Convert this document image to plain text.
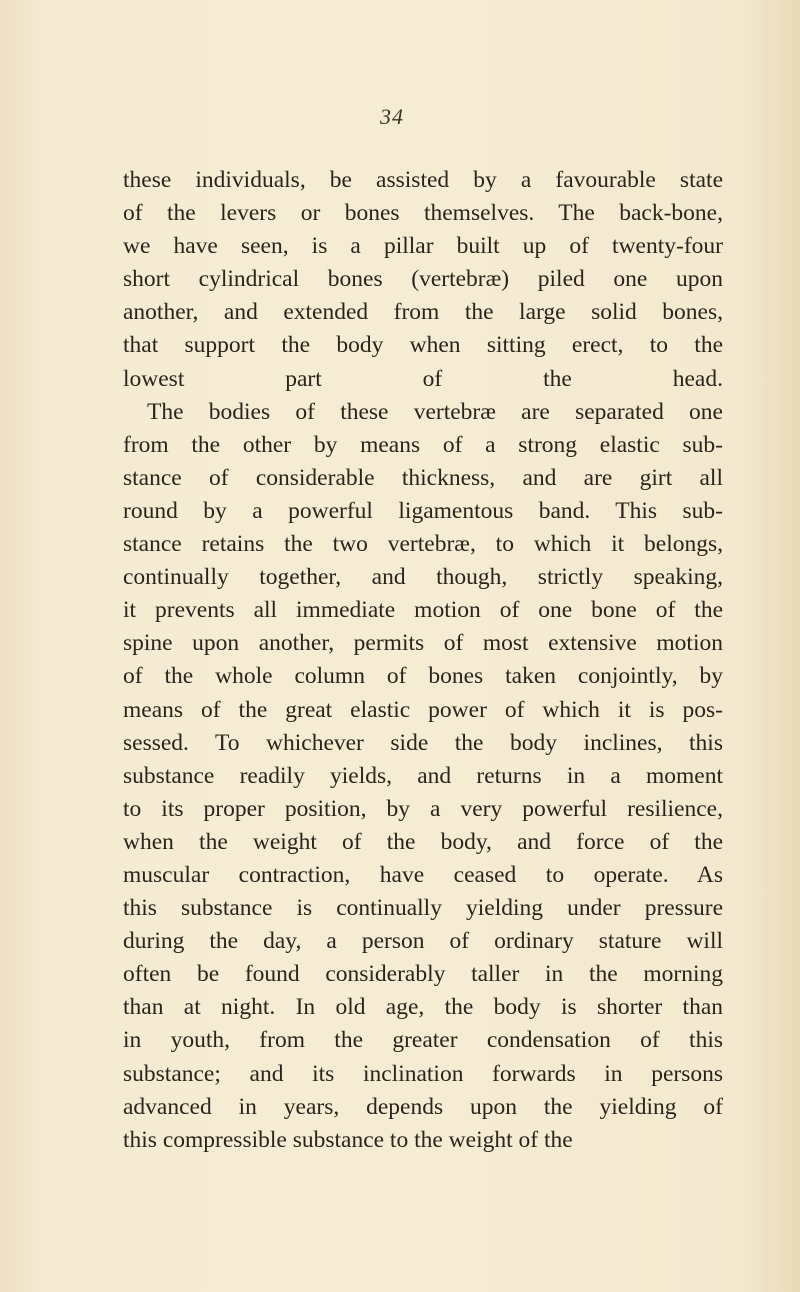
34
these individuals, be assisted by a favourable state
of the levers or bones themselves. The back-bone,
we have seen, is a pillar built up of twenty-four
short cylindrical bones (vertebræ) piled one upon
another, and extended from the large solid bones,
that support the body when sitting erect, to the
lowest part of the head.
The bodies of these vertebræ are separated one
from the other by means of a strong elastic sub-
stance of considerable thickness, and are girt all
round by a powerful ligamentous band. This sub-
stance retains the two vertebræ, to which it belongs,
continually together, and though, strictly speaking,
it prevents all immediate motion of one bone of the
spine upon another, permits of most extensive motion
of the whole column of bones taken conjointly, by
means of the great elastic power of which it is pos-
sessed. To whichever side the body inclines, this
substance readily yields, and returns in a moment
to its proper position, by a very powerful resilience,
when the weight of the body, and force of the
muscular contraction, have ceased to operate. As
this substance is continually yielding under pressure
during the day, a person of ordinary stature will
often be found considerably taller in the morning
than at night. In old age, the body is shorter than
in youth, from the greater condensation of this
substance; and its inclination forwards in persons
advanced in years, depends upon the yielding of
this compressible substance to the weight of the
